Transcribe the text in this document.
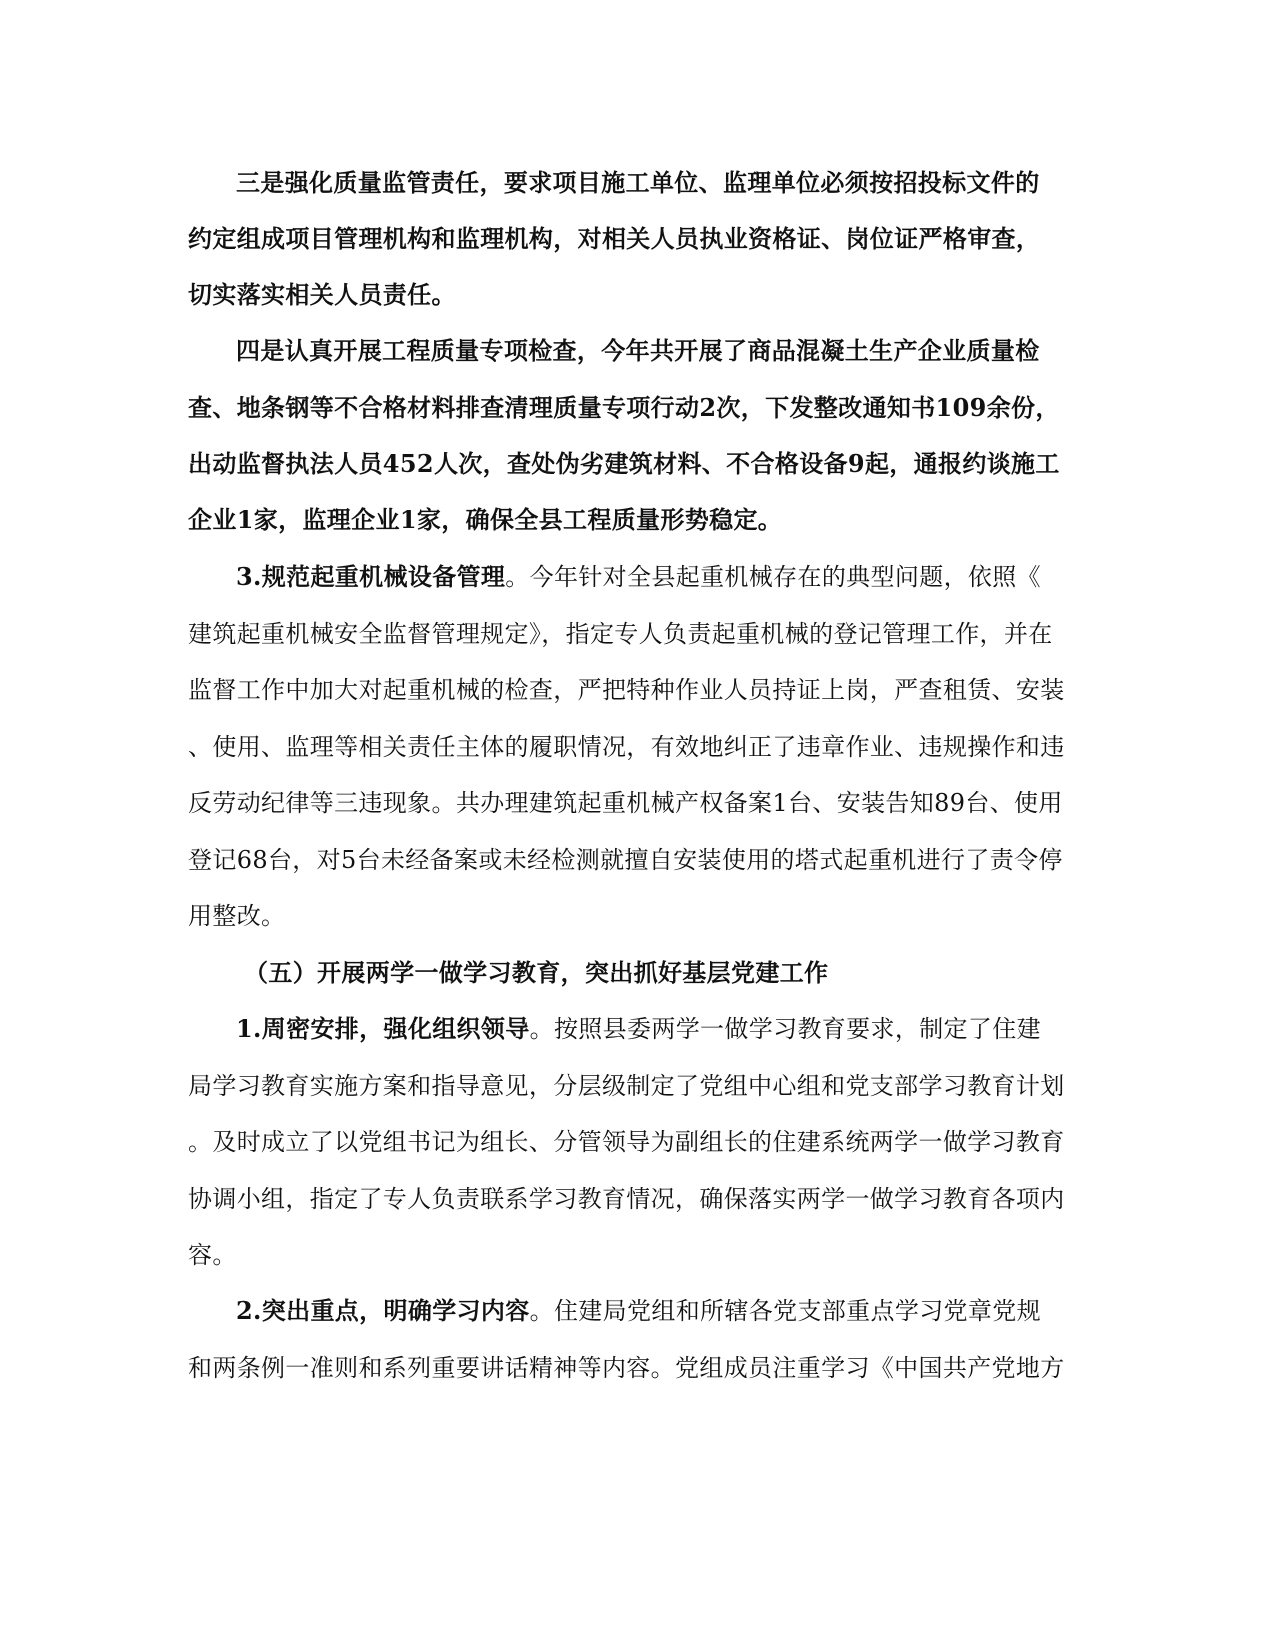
三是强化质量监管责任，要求项目施工单位、监理单位必须按招投标文件的
约定组成项目管理机构和监理机构，对相关人员执业资格证、岗位证严格审查，
切实落实相关人员责任。
四是认真开展工程质量专项检查，今年共开展了商品混凝土生产企业质量检
查、地条钢等不合格材料排查清理质量专项行动2次，下发整改通知书109余份，
出动监督执法人员452人次，查处伪劣建筑材料、不合格设备9起，通报约谈施工
企业1家，监理企业1家，确保全县工程质量形势稳定。
3.规范起重机械设备管理。今年针对全县起重机械存在的典型问题，依照《
建筑起重机械安全监督管理规定》，指定专人负责起重机械的登记管理工作，并在
监督工作中加大对起重机械的检查，严把特种作业人员持证上岗，严查租赁、安装
、使用、监理等相关责任主体的履职情况，有效地纠正了违章作业、违规操作和违
反劳动纪律等三违现象。共办理建筑起重机械产权备案1台、安装告知89台、使用
登记68台，对5台未经备案或未经检测就擅自安装使用的塔式起重机进行了责令停
用整改。
（五）开展两学一做学习教育，突出抓好基层党建工作
1.周密安排，强化组织领导。按照县委两学一做学习教育要求，制定了住建
局学习教育实施方案和指导意见，分层级制定了党组中心组和党支部学习教育计划
。及时成立了以党组书记为组长、分管领导为副组长的住建系统两学一做学习教育
协调小组，指定了专人负责联系学习教育情况，确保落实两学一做学习教育各项内
容。
2.突出重点，明确学习内容。住建局党组和所辖各党支部重点学习党章党规
和两条例一准则和系列重要讲话精神等内容。党组成员注重学习《中国共产党地方
